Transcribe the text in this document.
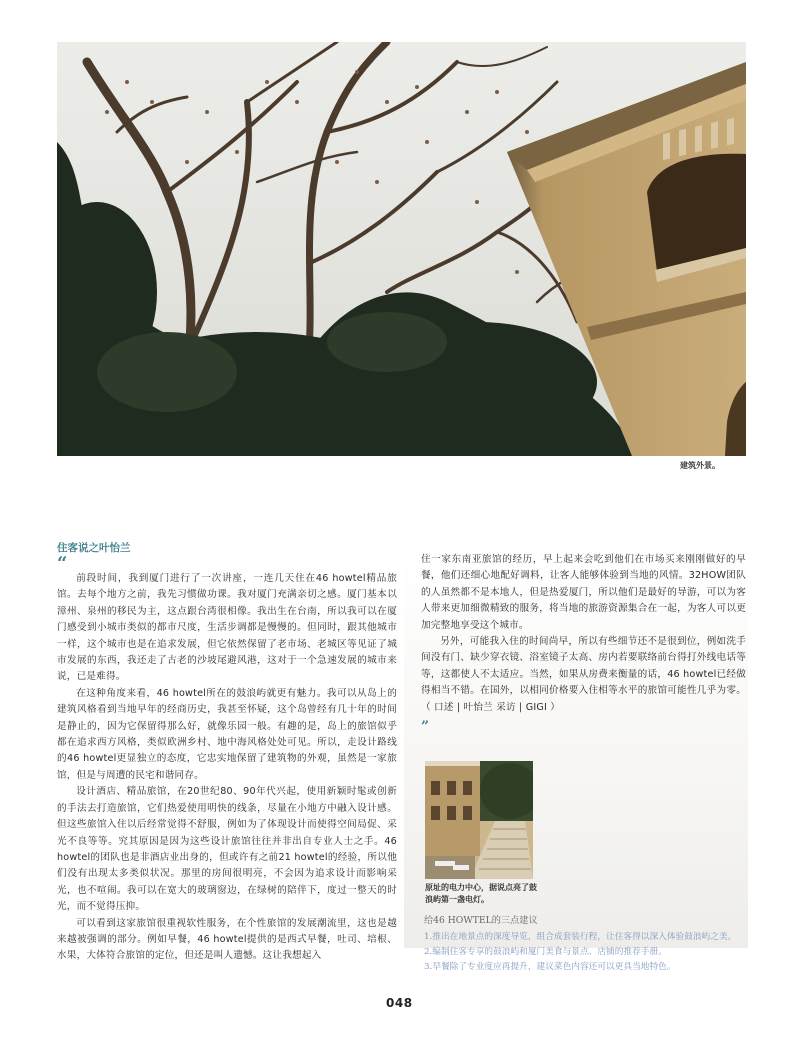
建筑外景。
住客说之叶怡兰
“

前段时间，我到厦门进行了一次讲座，一连几天住在46 howtel精品旅馆。去每个地方之前，我先习惯做功课。我对厦门充满亲切之感。厦门基本以漳州、泉州的移民为主，这点跟台湾很相像。我出生在台南，所以我可以在厦门感受到小城市类似的都市尺度，生活步调都是慢慢的。但同时，跟其他城市一样，这个城市也是在追求发展，但它依然保留了老市场、老城区等见证了城市发展的东西，我还走了古老的沙坡尾避风港，这对于一个急速发展的城市来说，已是难得。

在这种角度来看，46 howtel所在的鼓浪屿就更有魅力。我可以从岛上的建筑风格看到当地早年的经商历史，我甚至怀疑，这个岛曾经有几十年的时间是静止的，因为它保留得那么好，就像乐园一般。有趣的是，岛上的旅馆似乎都在追求西方风格，类似欧洲乡村、地中海风格处处可见。所以，走设计路线的46 howtel更显独立的态度，它忠实地保留了建筑物的外观，虽然是一家旅馆，但是与周遭的民宅和谐同存。

设计酒店、精品旅馆，在20世纪80、90年代兴起，使用新颖时髦或创新的手法去打造旅馆，它们热爱使用明快的线条，尽量在小地方中融入设计感。但这些旅馆入住以后经常觉得不舒服，例如为了体现设计而使得空间局促、采光不良等等。究其原因是因为这些设计旅馆往往并非出自专业人士之手。46 howtel的团队也是非酒店业出身的，但或许有之前21 howtel的经验，所以他们没有出现太多类似状况。那里的房间很明亮，不会因为追求设计而影响采光，也不喧闹。我可以在宽大的玻璃窗边，在绿树的陪伴下，度过一整天的时光，而不觉得压抑。

可以看到这家旅馆很重视软性服务，在个性旅馆的发展潮流里，这也是越来越被强调的部分。例如早餐，46 howtel提供的是西式早餐，吐司、培根、水果，大体符合旅馆的定位，但还是叫人遗憾。这让我想起入

住一家东南亚旅馆的经历，早上起来会吃到他们在市场买来刚刚做好的早餐，他们还细心地配好调料，让客人能够体验到当地的风情。32HOW团队的人虽然都不是本地人，但是热爱厦门，所以他们是最好的导游，可以为客人带来更加细微精致的服务，将当地的旅游资源集合在一起，为客人可以更加完整地享受这个城市。

另外，可能我入住的时间尚早，所以有些细节还不是很到位，例如洗手间没有门、缺少穿衣镜、浴室镜子太高、房内若要联络前台得打外线电话等等，这都使人不太适应。当然，如果从房费来衡量的话，46 howtel已经做得相当不错。在国外，以相同价格要入住相等水平的旅馆可能性几乎为零。（ 口述 | 叶怡兰 采访 | GIGI ）

”
原址的电力中心，据说点亮了鼓浪屿第一盏电灯。
给46 HOWTEL的三点建议

1.推出在地景点的深度导览，组合成套装行程，让住客得以深入体验鼓浪屿之美。

2.编制住客专享的鼓浪屿和厦门美食与景点、店铺的推荐手册。

3.早餐除了专业度应再提升，建议菜色内容还可以更具当地特色。

048
